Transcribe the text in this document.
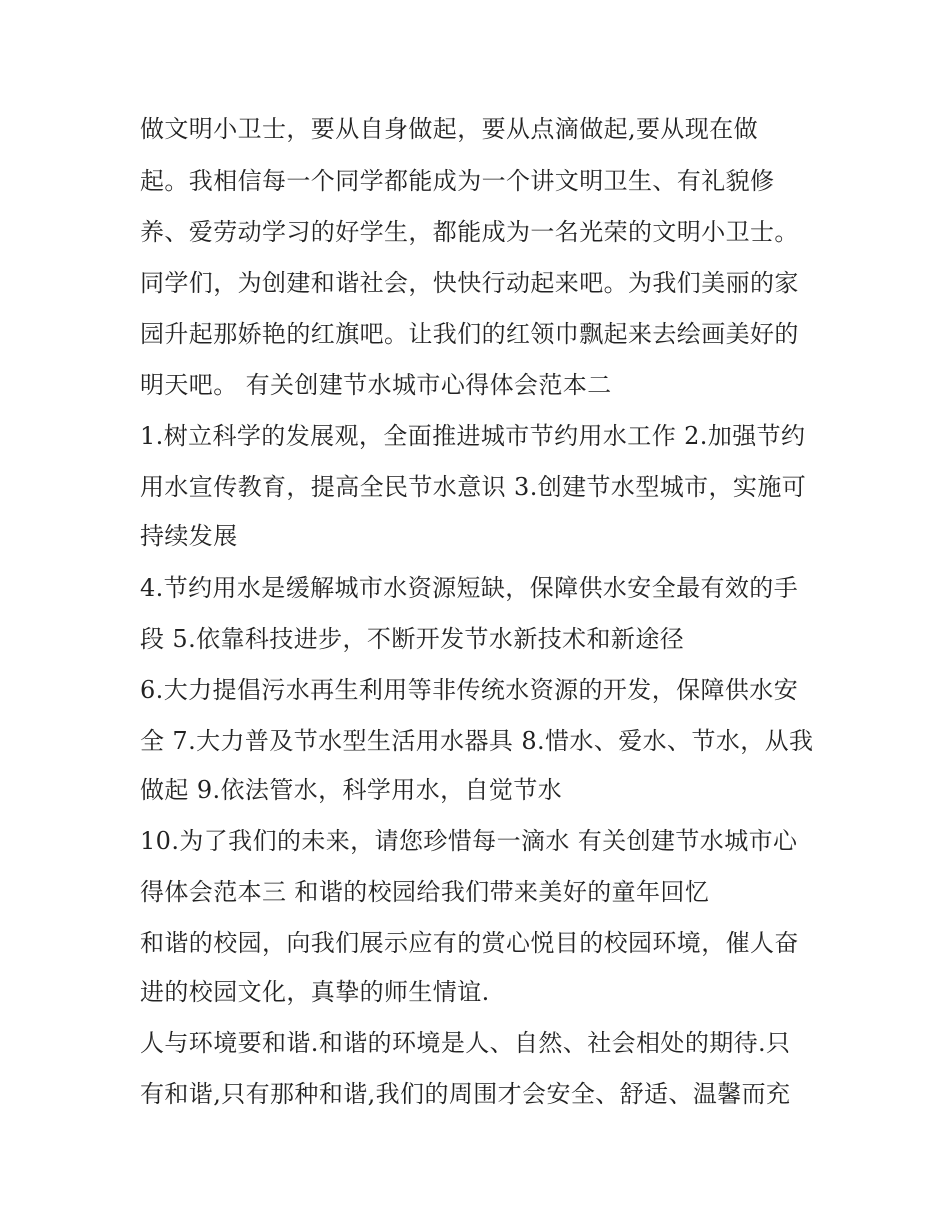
做文明小卫士，要从自身做起，要从点滴做起,要从现在做
起。我相信每一个同学都能成为一个讲文明卫生、有礼貌修
养、爱劳动学习的好学生，都能成为一名光荣的文明小卫士。
同学们，为创建和谐社会，快快行动起来吧。为我们美丽的家
园升起那娇艳的红旗吧。让我们的红领巾飘起来去绘画美好的
明天吧。 有关创建节水城市心得体会范本二
1.树立科学的发展观，全面推进城市节约用水工作 2.加强节约
用水宣传教育，提高全民节水意识 3.创建节水型城市，实施可
持续发展
4.节约用水是缓解城市水资源短缺，保障供水安全最有效的手
段 5.依靠科技进步，不断开发节水新技术和新途径
6.大力提倡污水再生利用等非传统水资源的开发，保障供水安
全 7.大力普及节水型生活用水器具 8.惜水、爱水、节水，从我
做起 9.依法管水，科学用水，自觉节水
10.为了我们的未来，请您珍惜每一滴水 有关创建节水城市心
得体会范本三 和谐的校园给我们带来美好的童年回忆
和谐的校园，向我们展示应有的赏心悦目的校园环境，催人奋
进的校园文化，真挚的师生情谊.
人与环境要和谐.和谐的环境是人、自然、社会相处的期待.只
有和谐,只有那种和谐,我们的周围才会安全、舒适、温馨而充
